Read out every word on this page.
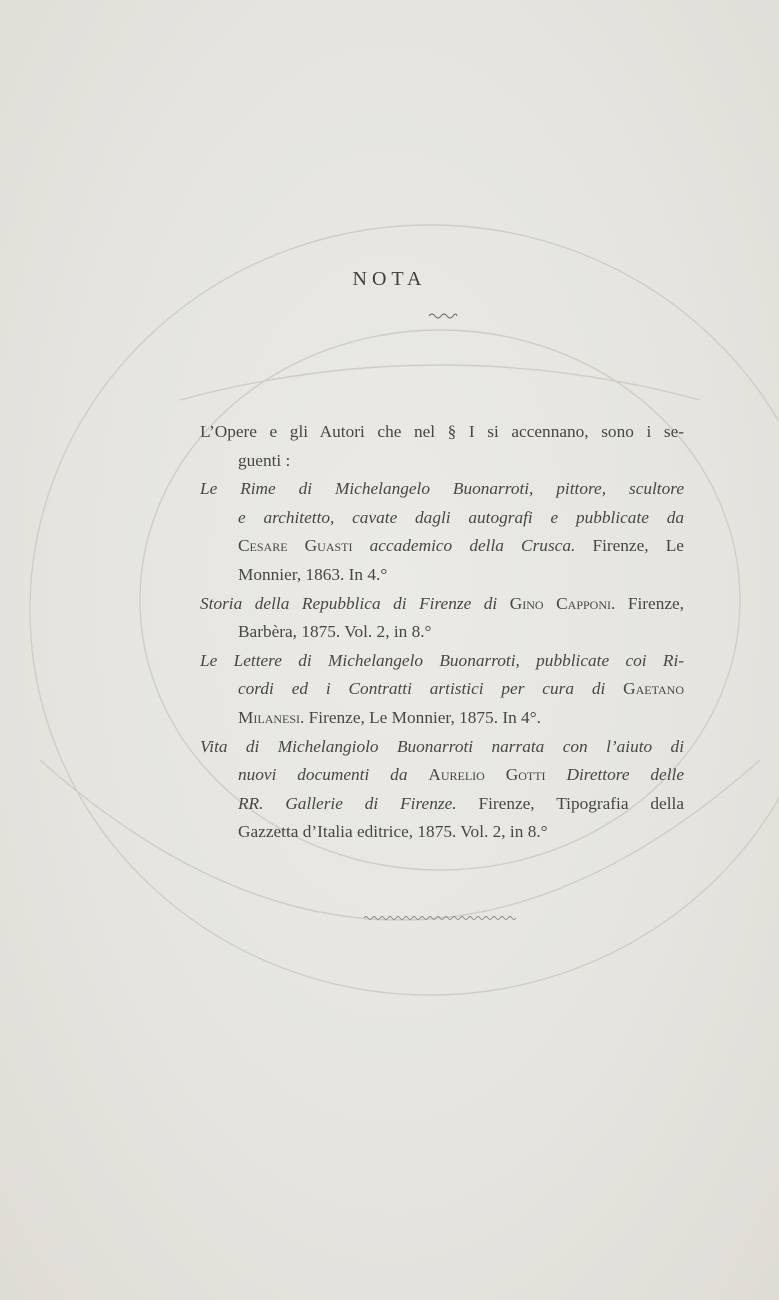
NOTA
L’Opere e gli Autori che nel § I si accennano, sono i se-
guenti :
Le Rime di Michelangelo Buonarroti, pittore, scultore
e architetto, cavate dagli autografi e pubblicate da
Cesare Guasti accademico della Crusca. Firenze, Le
Monnier, 1863. In 4.°
Storia della Repubblica di Firenze di Gino Capponi. Firenze,
Barbèra, 1875. Vol. 2, in 8.°
Le Lettere di Michelangelo Buonarroti, pubblicate coi Ri-
cordi ed i Contratti artistici per cura di Gaetano
Milanesi. Firenze, Le Monnier, 1875. In 4°.
Vita di Michelangiolo Buonarroti narrata con l’aiuto di
nuovi documenti da Aurelio Gotti Direttore delle
RR. Gallerie di Firenze. Firenze, Tipografia della
Gazzetta d’Italia editrice, 1875. Vol. 2, in 8.°
